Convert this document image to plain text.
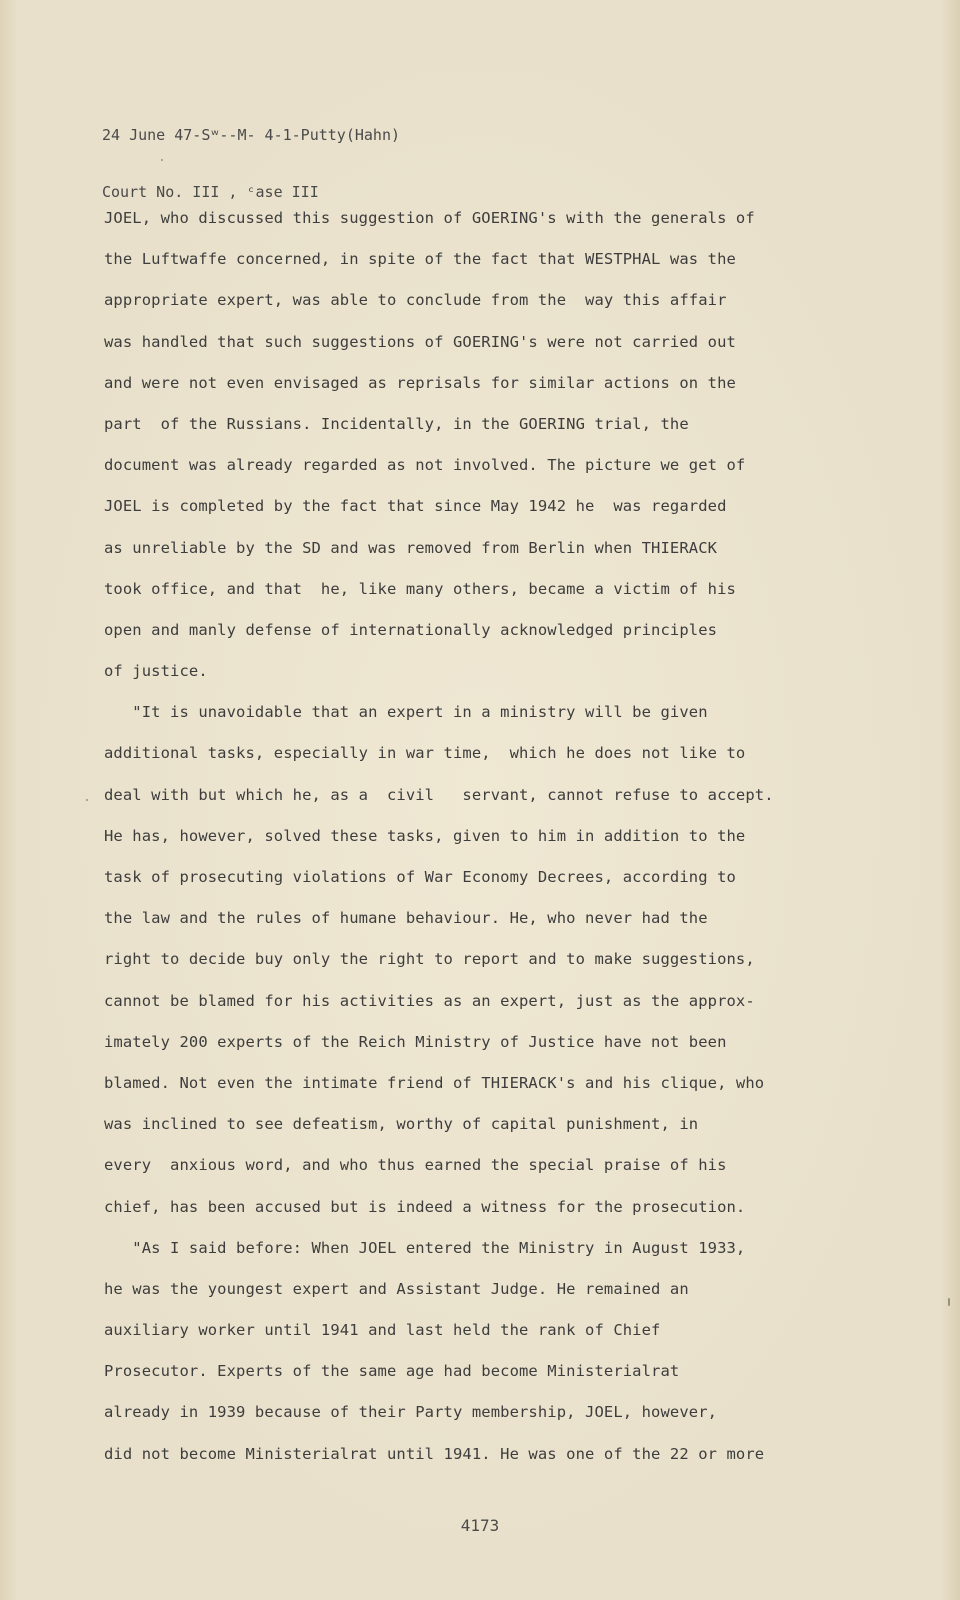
24 June 47-Sʷ--M- 4-1-Putty(Hahn)

Court No. III , ᶜase III

JOEL, who discussed this suggestion of GOERING's with the generals of
the Luftwaffe concerned, in spite of the fact that WESTPHAL was the
appropriate expert, was able to conclude from the  way this affair
was handled that such suggestions of GOERING's were not carried out
and were not even envisaged as reprisals for similar actions on the
part  of the Russians. Incidentally, in the GOERING trial, the
document was already regarded as not involved. The picture we get of
JOEL is completed by the fact that since May 1942 he  was regarded
as unreliable by the SD and was removed from Berlin when THIERACK
took office, and that  he, like many others, became a victim of his
open and manly defense of internationally acknowledged principles
of justice.
"It is unavoidable that an expert in a ministry will be given
additional tasks, especially in war time,  which he does not like to
deal with but which he, as a  civil   servant, cannot refuse to accept.
He has, however, solved these tasks, given to him in addition to the
task of prosecuting violations of War Economy Decrees, according to
the law and the rules of humane behaviour. He, who never had the
right to decide buy only the right to report and to make suggestions,
cannot be blamed for his activities as an expert, just as the approx-
imately 200 experts of the Reich Ministry of Justice have not been
blamed. Not even the intimate friend of THIERACK's and his clique, who
was inclined to see defeatism, worthy of capital punishment, in
every  anxious word, and who thus earned the special praise of his
chief, has been accused but is indeed a witness for the prosecution.
"As I said before: When JOEL entered the Ministry in August 1933,
he was the youngest expert and Assistant Judge. He remained an
auxiliary worker until 1941 and last held the rank of Chief
Prosecutor. Experts of the same age had become Ministerialrat
already in 1939 because of their Party membership, JOEL, however,
did not become Ministerialrat until 1941. He was one of the 22 or more
4173
